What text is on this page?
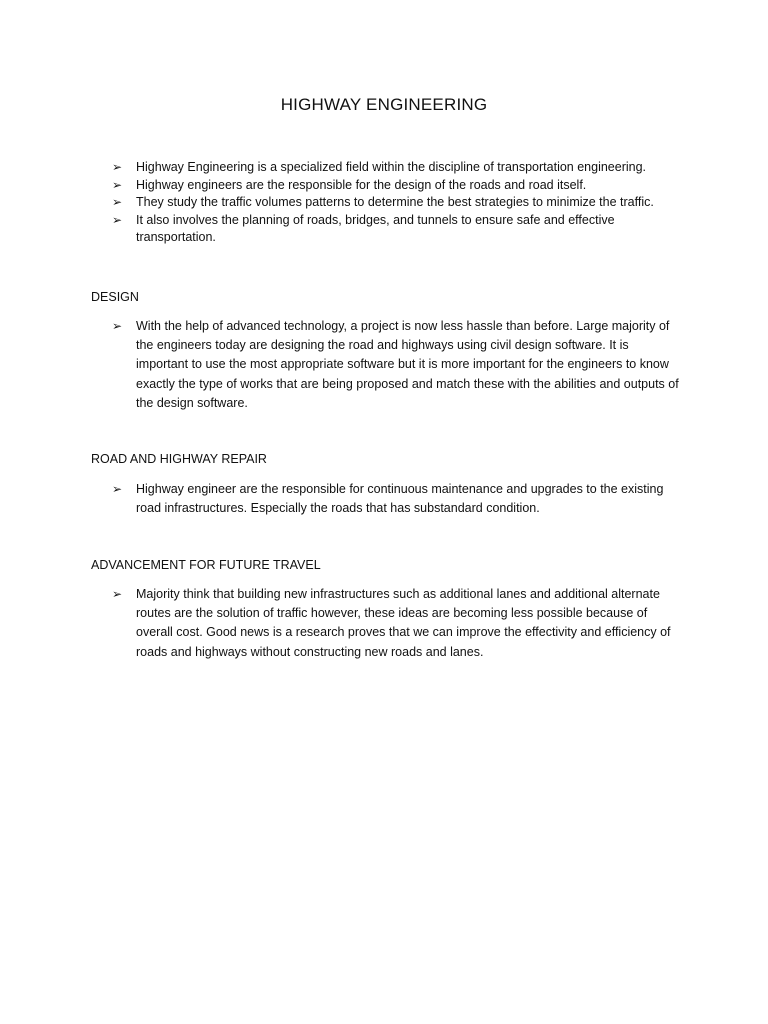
HIGHWAY ENGINEERING
➢ Highway Engineering is a specialized field within the discipline of transportation engineering.
➢ Highway engineers are the responsible for the design of the roads and road itself.
➢ They study the traffic volumes patterns to determine the best strategies to minimize the traffic.
➢ It also involves the planning of roads, bridges, and tunnels to ensure safe and effective transportation.
DESIGN
➢ With the help of advanced technology, a project is now less hassle than before. Large majority of the engineers today are designing the road and highways using civil design software. It is important to use the most appropriate software but it is more important for the engineers to know exactly the type of works that are being proposed and match these with the abilities and outputs of the design software.
ROAD AND HIGHWAY REPAIR
➢ Highway engineer are the responsible for continuous maintenance and upgrades to the existing road infrastructures. Especially the roads that has substandard condition.
ADVANCEMENT FOR FUTURE TRAVEL
➢ Majority think that building new infrastructures such as additional lanes and additional alternate routes are the solution of traffic however, these ideas are becoming less possible because of overall cost. Good news is a research proves that we can improve the effectivity and efficiency of roads and highways without constructing new roads and lanes.
